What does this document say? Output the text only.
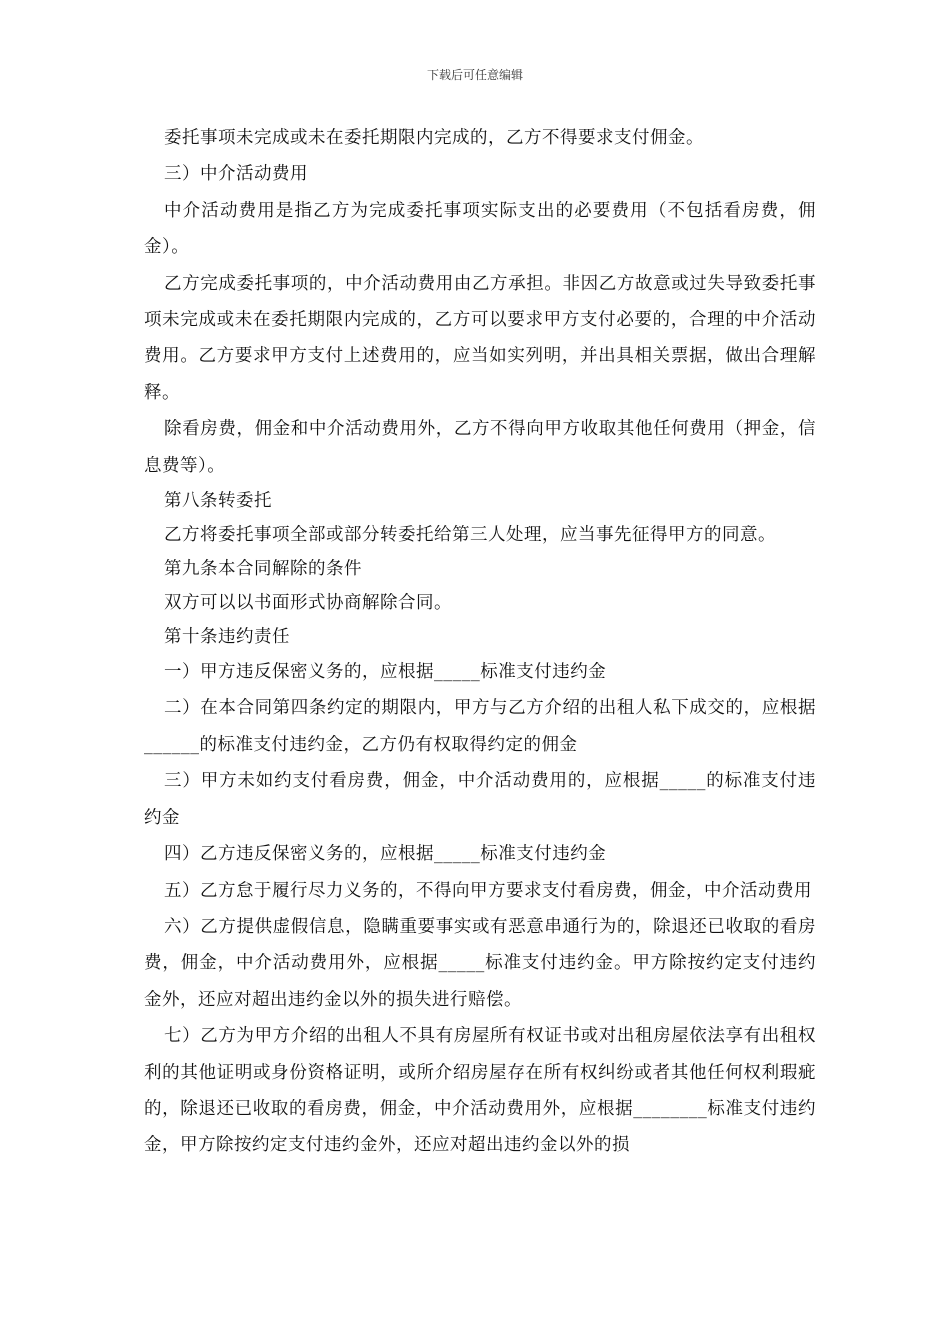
下载后可任意编辑

委托事项未完成或未在委托期限内完成的，乙方不得要求支付佣金。

三）中介活动费用

中介活动费用是指乙方为完成委托事项实际支出的必要费用（不包括看房费，佣金）。

乙方完成委托事项的，中介活动费用由乙方承担。非因乙方故意或过失导致委托事项未完成或未在委托期限内完成的，乙方可以要求甲方支付必要的，合理的中介活动费用。乙方要求甲方支付上述费用的，应当如实列明，并出具相关票据，做出合理解释。

除看房费，佣金和中介活动费用外，乙方不得向甲方收取其他任何费用（押金，信息费等）。

第八条转委托

乙方将委托事项全部或部分转委托给第三人处理，应当事先征得甲方的同意。

第九条本合同解除的条件

双方可以以书面形式协商解除合同。

第十条违约责任

一）甲方违反保密义务的，应根据_____标准支付违约金

二）在本合同第四条约定的期限内，甲方与乙方介绍的出租人私下成交的，应根据______的标准支付违约金，乙方仍有权取得约定的佣金

三）甲方未如约支付看房费，佣金，中介活动费用的，应根据_____的标准支付违约金

四）乙方违反保密义务的，应根据_____标准支付违约金

五）乙方怠于履行尽力义务的，不得向甲方要求支付看房费，佣金，中介活动费用

六）乙方提供虚假信息，隐瞒重要事实或有恶意串通行为的，除退还已收取的看房费，佣金，中介活动费用外，应根据_____标准支付违约金。甲方除按约定支付违约金外，还应对超出违约金以外的损失进行赔偿。

七）乙方为甲方介绍的出租人不具有房屋所有权证书或对出租房屋依法享有出租权利的其他证明或身份资格证明，或所介绍房屋存在所有权纠纷或者其他任何权利瑕疵的，除退还已收取的看房费，佣金，中介活动费用外，应根据________标准支付违约金，甲方除按约定支付违约金外，还应对超出违约金以外的损
